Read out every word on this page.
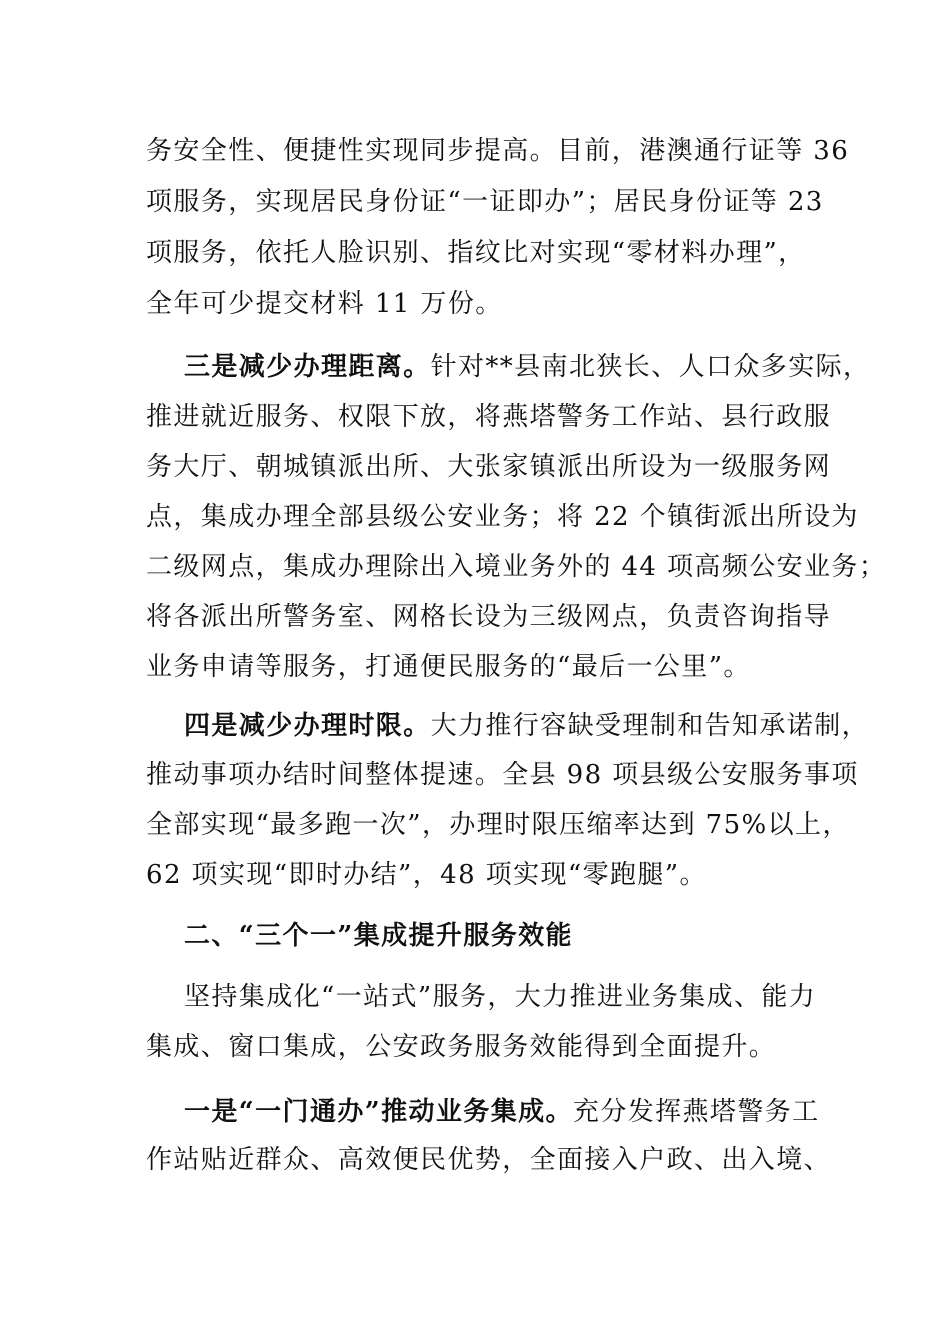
务安全性、便捷性实现同步提高。目前，港澳通行证等 36
项服务，实现居民身份证“一证即办”；居民身份证等 23
项服务，依托人脸识别、指纹比对实现“零材料办理”，
全年可少提交材料 11 万份。
三是减少办理距离。针对**县南北狭长、人口众多实际，
推进就近服务、权限下放，将燕塔警务工作站、县行政服
务大厅、朝城镇派出所、大张家镇派出所设为一级服务网
点，集成办理全部县级公安业务；将 22 个镇街派出所设为
二级网点，集成办理除出入境业务外的 44 项高频公安业务；
将各派出所警务室、网格长设为三级网点，负责咨询指导
业务申请等服务，打通便民服务的“最后一公里”。
四是减少办理时限。大力推行容缺受理制和告知承诺制，
推动事项办结时间整体提速。全县 98 项县级公安服务事项
全部实现“最多跑一次”，办理时限压缩率达到 75%以上，
62 项实现“即时办结”，48 项实现“零跑腿”。
二、“三个一”集成提升服务效能
坚持集成化“一站式”服务，大力推进业务集成、能力
集成、窗口集成，公安政务服务效能得到全面提升。
一是“一门通办”推动业务集成。充分发挥燕塔警务工
作站贴近群众、高效便民优势，全面接入户政、出入境、
